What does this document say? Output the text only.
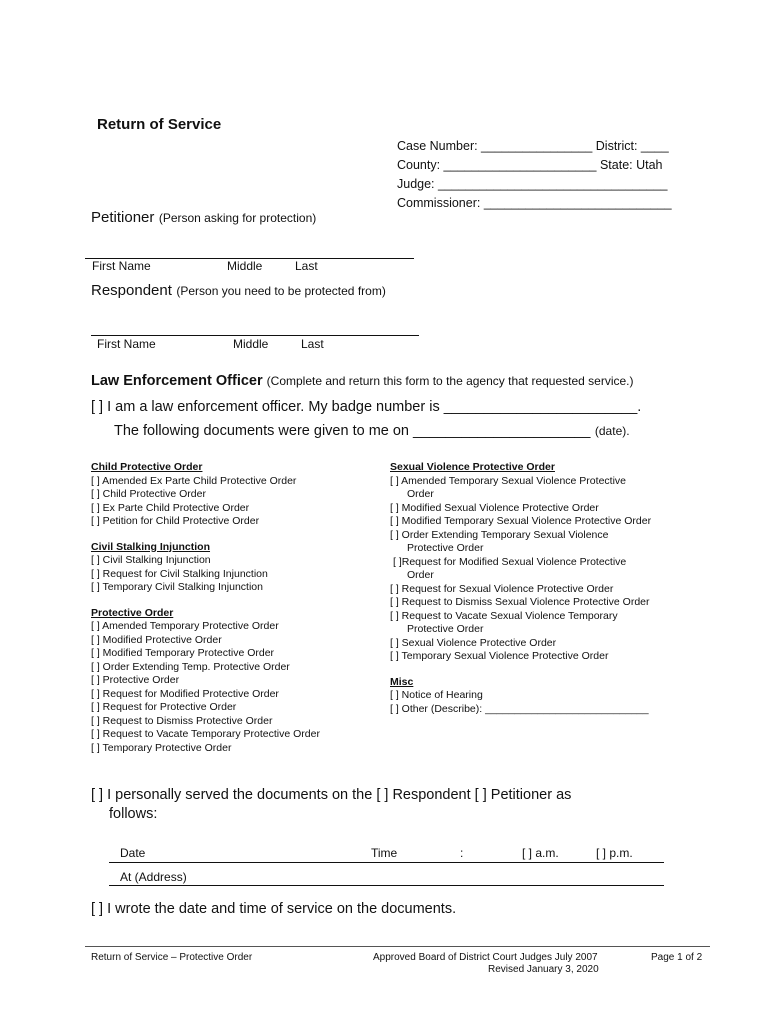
Return of Service
Case Number: ________________ District: ____
County: ______________________ State: Utah
Judge: _________________________________
Commissioner: ___________________________
Petitioner (Person asking for protection)
First Name	Middle	Last
Respondent (Person you need to be protected from)
First Name	Middle	Last
Law Enforcement Officer (Complete and return this form to the agency that requested service.)
[ ] I am a law enforcement officer. My badge number is ________________________.
The following documents were given to me on ______________________ (date).
Child Protective Order
[ ] Amended Ex Parte Child Protective Order
[ ] Child Protective Order
[ ] Ex Parte Child Protective Order
[ ] Petition for Child Protective Order
Civil Stalking Injunction
[ ] Civil Stalking Injunction
[ ] Request for Civil Stalking Injunction
[ ] Temporary Civil Stalking Injunction
Protective Order
[ ] Amended Temporary Protective Order
[ ] Modified Protective Order
[ ] Modified Temporary Protective Order
[ ] Order Extending Temp. Protective Order
[ ] Protective Order
[ ] Request for Modified Protective Order
[ ] Request for Protective Order
[ ] Request to Dismiss Protective Order
[ ] Request to Vacate Temporary Protective Order
[ ] Temporary Protective Order
Sexual Violence Protective Order
[ ] Amended Temporary Sexual Violence Protective
Order
[ ] Modified Sexual Violence Protective Order
[ ] Modified Temporary Sexual Violence Protective Order
[ ] Order Extending Temporary Sexual Violence
Protective Order
[ ]Request for Modified Sexual Violence Protective
Order
[ ] Request for Sexual Violence Protective Order
[ ] Request to Dismiss Sexual Violence Protective Order
[ ] Request to Vacate Sexual Violence Temporary
Protective Order
[ ] Sexual Violence Protective Order
[ ] Temporary Sexual Violence Protective Order
Misc
[ ] Notice of Hearing
[ ] Other (Describe): ____________________________
[ ] I personally served the documents on the [ ] Respondent [ ] Petitioner as
follows:
Date	Time	:	[ ] a.m.	[ ] p.m.
At (Address)
[ ] I wrote the date and time of service on the documents.
Return of Service – Protective Order	Approved Board of District Court Judges July 2007
Revised January 3, 2020
Page 1 of 2
